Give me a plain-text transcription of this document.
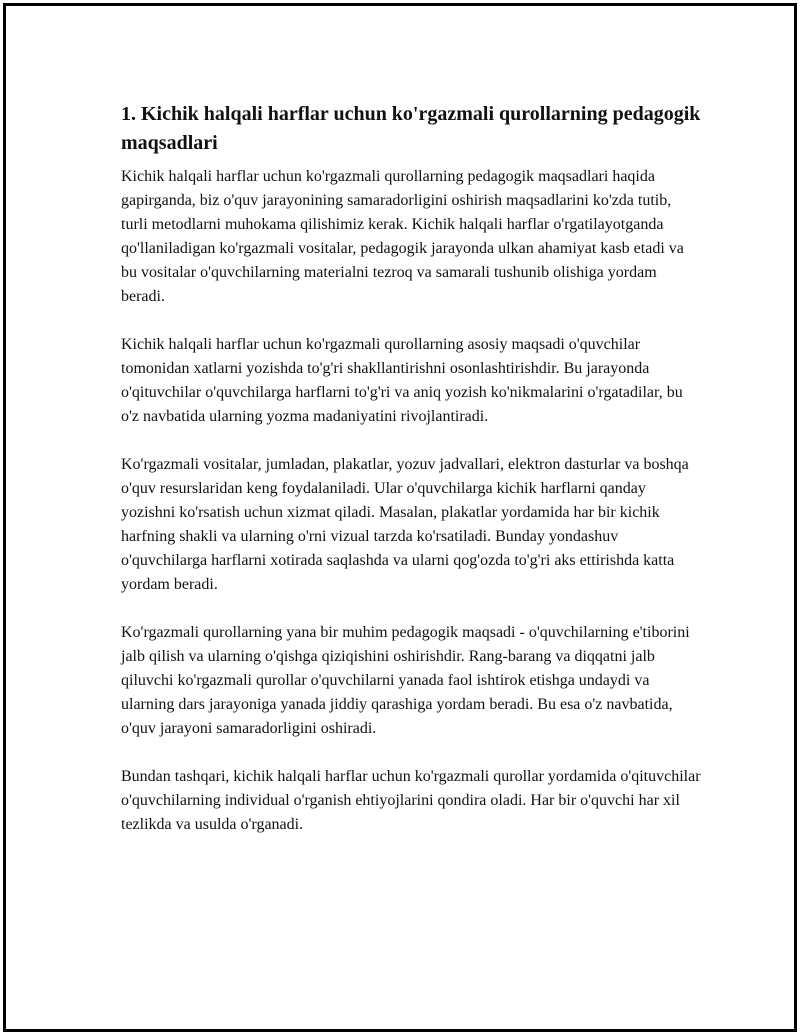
1. Kichik halqali harflar uchun ko'rgazmali qurollarning pedagogik maqsadlari

Kichik halqali harflar uchun ko'rgazmali qurollarning pedagogik maqsadlari haqida gapirganda, biz o'quv jarayonining samaradorligini oshirish maqsadlarini ko'zda tutib, turli metodlarni muhokama qilishimiz kerak. Kichik halqali harflar o'rgatilayotganda qo'llaniladigan ko'rgazmali vositalar, pedagogik jarayonda ulkan ahamiyat kasb etadi va bu vositalar o'quvchilarning materialni tezroq va samarali tushunib olishiga yordam beradi.

Kichik halqali harflar uchun ko'rgazmali qurollarning asosiy maqsadi o'quvchilar tomonidan xatlarni yozishda to'g'ri shakllantirishni osonlashtirishdir. Bu jarayonda o'qituvchilar o'quvchilarga harflarni to'g'ri va aniq yozish ko'nikmalarini o'rgatadilar, bu o'z navbatida ularning yozma madaniyatini rivojlantiradi.

Ko'rgazmali vositalar, jumladan, plakatlar, yozuv jadvallari, elektron dasturlar va boshqa o'quv resurslaridan keng foydalaniladi. Ular o'quvchilarga kichik harflarni qanday yozishni ko'rsatish uchun xizmat qiladi. Masalan, plakatlar yordamida har bir kichik harfning shakli va ularning o'rni vizual tarzda ko'rsatiladi. Bunday yondashuv o'quvchilarga harflarni xotirada saqlashda va ularni qog'ozda to'g'ri aks ettirishda katta yordam beradi.

Ko'rgazmali qurollarning yana bir muhim pedagogik maqsadi - o'quvchilarning e'tiborini jalb qilish va ularning o'qishga qiziqishini oshirishdir. Rang-barang va diqqatni jalb qiluvchi ko'rgazmali qurollar o'quvchilarni yanada faol ishtirok etishga undaydi va ularning dars jarayoniga yanada jiddiy qarashiga yordam beradi. Bu esa o'z navbatida, o'quv jarayoni samaradorligini oshiradi.

Bundan tashqari, kichik halqali harflar uchun ko'rgazmali qurollar yordamida o'qituvchilar o'quvchilarning individual o'rganish ehtiyojlarini qondira oladi. Har bir o'quvchi har xil tezlikda va usulda o'rganadi.
